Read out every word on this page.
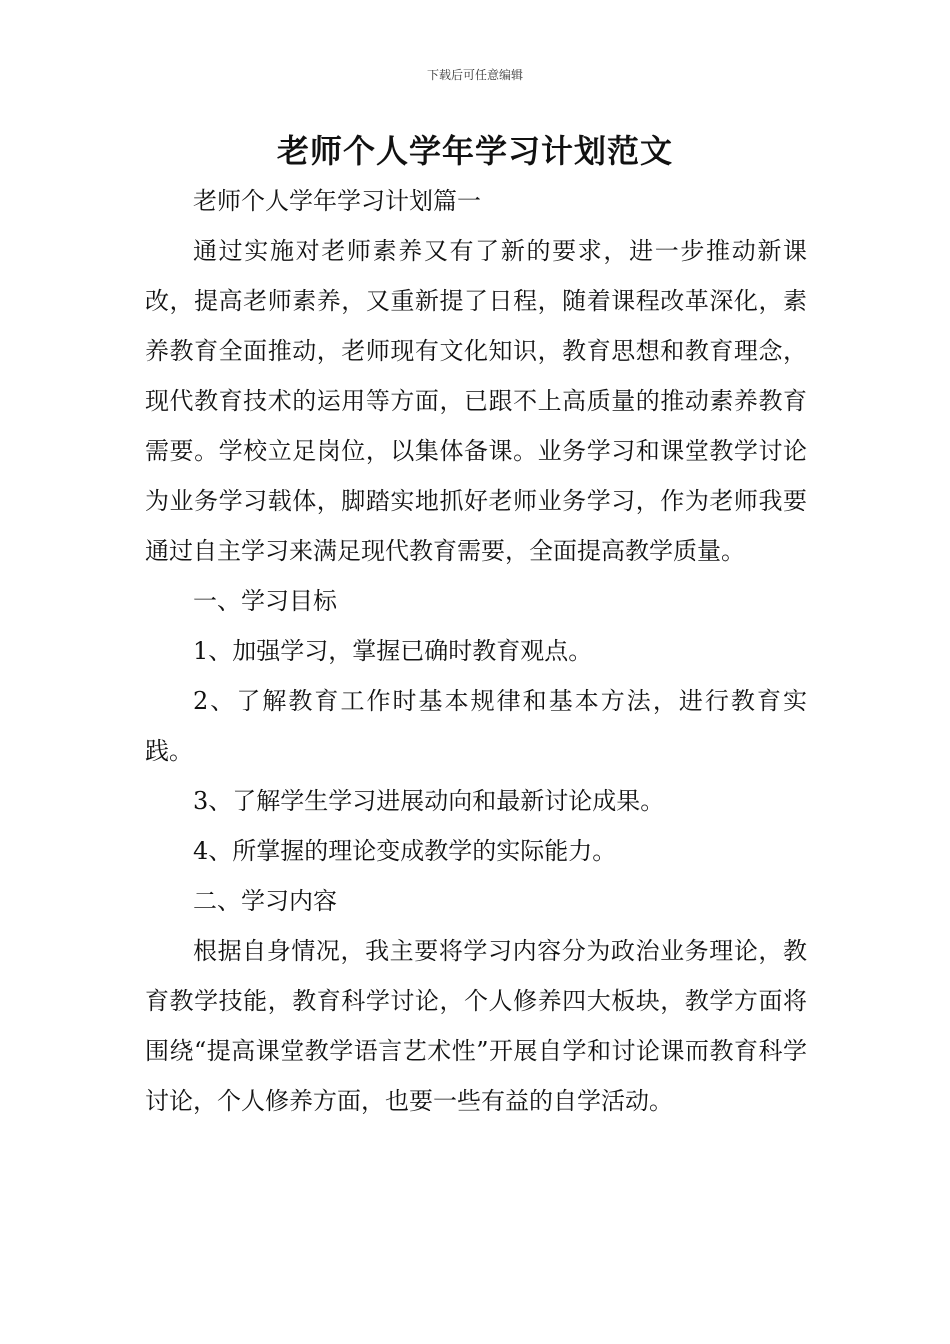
下载后可任意编辑
老师个人学年学习计划范文

老师个人学年学习计划篇一

通过实施对老师素养又有了新的要求，进一步推动新课改，提高老师素养，又重新提了日程，随着课程改革深化，素养教育全面推动，老师现有文化知识，教育思想和教育理念，现代教育技术的运用等方面，已跟不上高质量的推动素养教育需要。学校立足岗位，以集体备课。业务学习和课堂教学讨论为业务学习载体，脚踏实地抓好老师业务学习，作为老师我要通过自主学习来满足现代教育需要，全面提高教学质量。

一、学习目标

1、加强学习，掌握已确时教育观点。

2、了解教育工作时基本规律和基本方法，进行教育实践。

3、了解学生学习进展动向和最新讨论成果。

4、所掌握的理论变成教学的实际能力。

二、学习内容

根据自身情况，我主要将学习内容分为政治业务理论，教育教学技能，教育科学讨论，个人修养四大板块，教学方面将围绕“提高课堂教学语言艺术性”开展自学和讨论课而教育科学讨论，个人修养方面，也要一些有益的自学活动。
